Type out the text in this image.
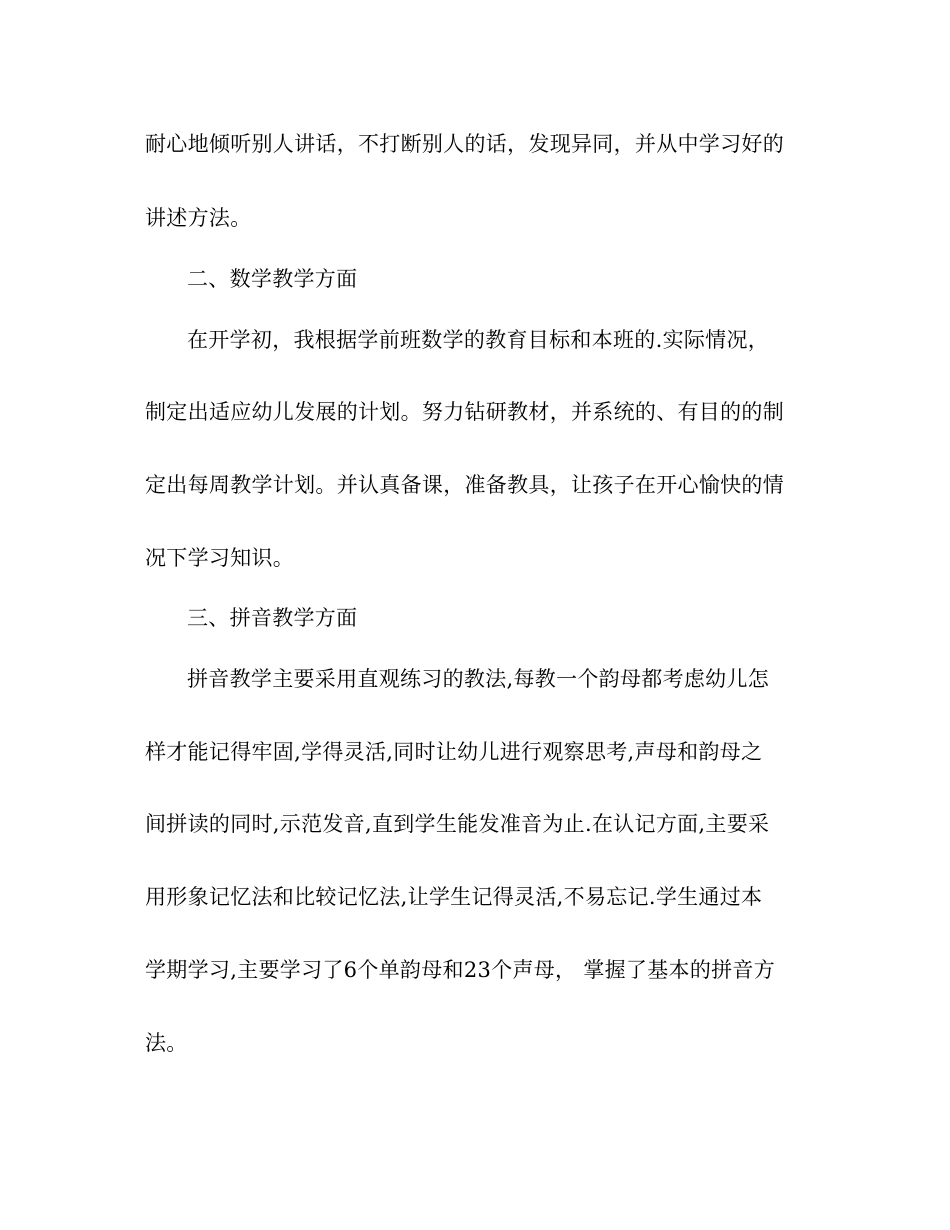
耐心地倾听别人讲话，不打断别人的话，发现异同，并从中学习好的
讲述方法。
二、数学教学方面
在开学初，我根据学前班数学的教育目标和本班的.实际情况，
制定出适应幼儿发展的计划。努力钻研教材，并系统的、有目的的制
定出每周教学计划。并认真备课，准备教具，让孩子在开心愉快的情
况下学习知识。
三、拼音教学方面
拼音教学主要采用直观练习的教法,每教一个韵母都考虑幼儿怎
样才能记得牢固,学得灵活,同时让幼儿进行观察思考,声母和韵母之
间拼读的同时,示范发音,直到学生能发准音为止.在认记方面,主要采
用形象记忆法和比较记忆法,让学生记得灵活,不易忘记.学生通过本
学期学习,主要学习了6个单韵母和23个声母， 掌握了基本的拼音方
法。
